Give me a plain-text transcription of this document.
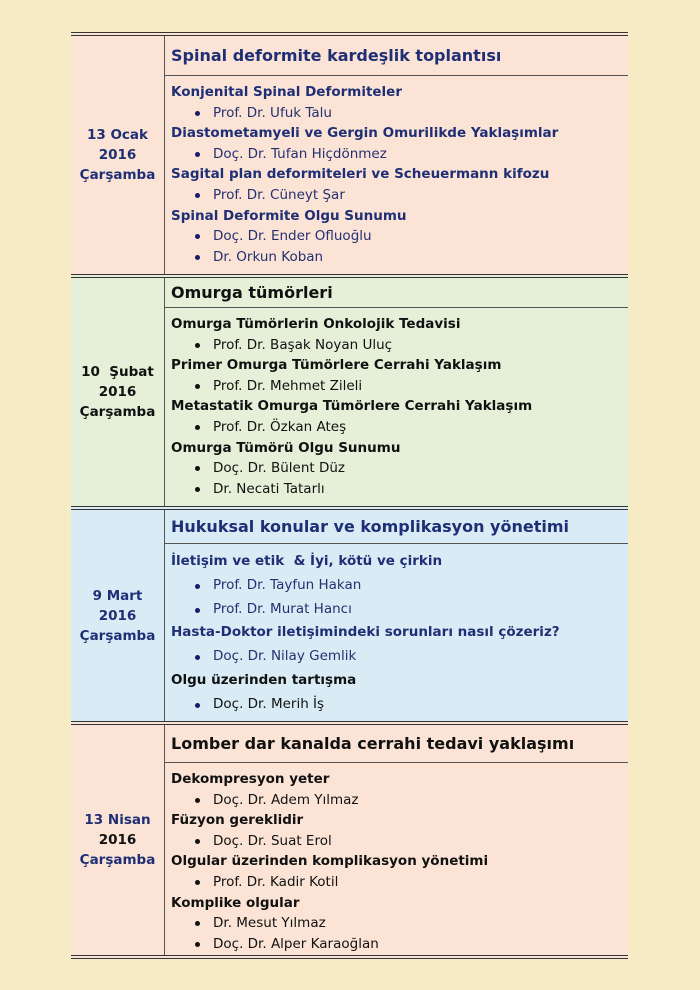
13 Ocak
2016
Çarşamba
Spinal deformite kardeşlik toplantısı
Konjenital Spinal Deformiteler
Prof. Dr. Ufuk Talu
Diastometamyeli ve Gergin Omurilikde Yaklaşımlar
Doç. Dr. Tufan Hiçdönmez
Sagital plan deformiteleri ve Scheuermann kifozu
Prof. Dr. Cüneyt Şar
Spinal Deformite Olgu Sunumu
Doç. Dr. Ender Ofluoğlu
Dr. Orkun Koban
10  Şubat
2016
Çarşamba
Omurga tümörleri
Omurga Tümörlerin Onkolojik Tedavisi
Prof. Dr. Başak Noyan Uluç
Primer Omurga Tümörlere Cerrahi Yaklaşım
Prof. Dr. Mehmet Zileli
Metastatik Omurga Tümörlere Cerrahi Yaklaşım
Prof. Dr. Özkan Ateş
Omurga Tümörü Olgu Sunumu
Doç. Dr. Bülent Düz
Dr. Necati Tatarlı
9 Mart
2016
Çarşamba
Hukuksal konular ve komplikasyon yönetimi
İletişim ve etik  & İyi, kötü ve çirkin
Prof. Dr. Tayfun Hakan
Prof. Dr. Murat Hancı
Hasta-Doktor iletişimindeki sorunları nasıl çözeriz?
Doç. Dr. Nilay Gemlik
Olgu üzerinden tartışma
Doç. Dr. Merih İş
13 Nisan
2016
Çarşamba
Lomber dar kanalda cerrahi tedavi yaklaşımı
Dekompresyon yeter
Doç. Dr. Adem Yılmaz
Füzyon gereklidir
Doç. Dr. Suat Erol
Olgular üzerinden komplikasyon yönetimi
Prof. Dr. Kadir Kotil
Komplike olgular
Dr. Mesut Yılmaz
Doç. Dr. Alper Karaoğlan
